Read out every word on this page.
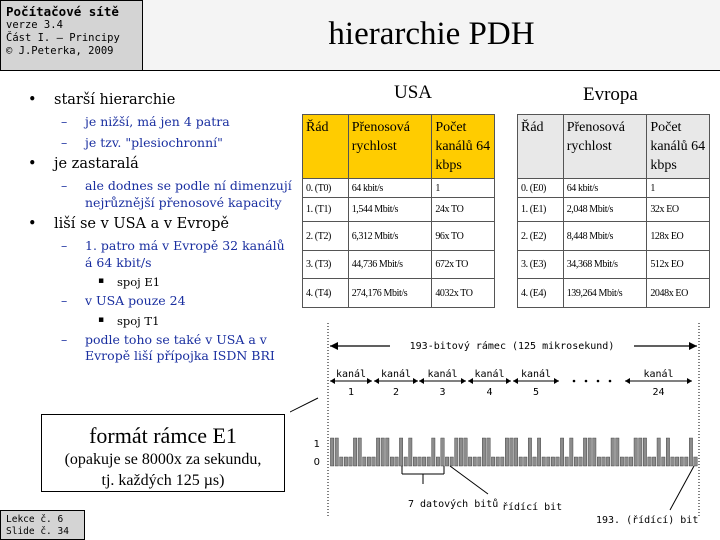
Počítačové sítě
verze 3.4
Část I. – Principy
© J.Peterka, 2009	hierarchie PDH
• starší hierarchie
– je nižší, má jen 4 patra
– je tzv. "plesiochronní"
• je zastaralá
– ale dodnes se podle ní dimenzují nejrůznější přenosové kapacity
• liší se v USA a v Evropě
– 1. patro má v Evropě 32 kanálů á 64 kbit/s
▪ spoj E1
– v USA pouze 24
▪ spoj T1
– podle toho se také v USA a v Evropě liší přípojka ISDN BRI
formát rámce E1
(opakuje se 8000x za sekundu,
tj. každých 125 µs)
Lekce č. 6
Slide č. 34
USA	Evropa
Řád	Přenosová rychlost	Počet kanálů 64 kbps
0. (T0)	64 kbit/s	1
1. (T1)	1,544 Mbit/s	24x TO
2. (T2)	6,312 Mbit/s	96x TO
3. (T3)	44,736 Mbit/s	672x TO
4. (T4)	274,176 Mbit/s	4032x TO
Řád	Přenosová rychlost	Počet kanálů 64 kbps
0. (E0)	64 kbit/s	1
1. (E1)	2,048 Mbit/s	32x EO
2. (E2)	8,448 Mbit/s	128x EO
3. (E3)	34,368 Mbit/s	512x EO
4. (E4)	139,264 Mbit/s	2048x EO
193-bitový rámec (125 mikrosekund)
kanál
1
kanál
2
kanál
3
kanál
4
kanál
5
kanál
24
1
0
7 datových bitů řídící bit
193. (řídící) bit
